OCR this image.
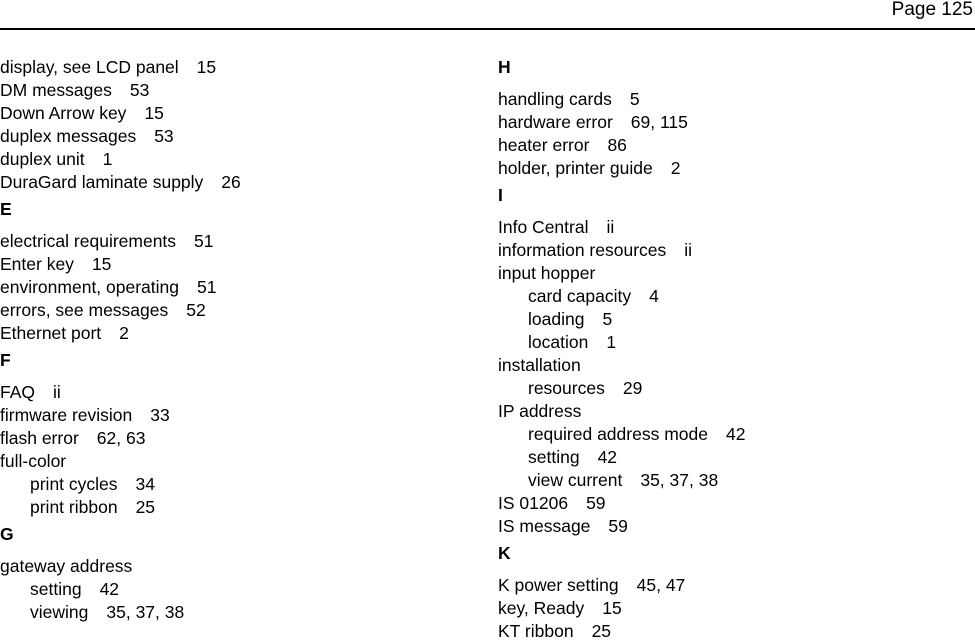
Page 125
display, see LCD panel 15
DM messages 53
Down Arrow key 15
duplex messages 53
duplex unit 1
DuraGard laminate supply 26
E
electrical requirements 51
Enter key 15
environment, operating 51
errors, see messages 52
Ethernet port 2
F
FAQ ii
firmware revision 33
flash error 62, 63
full-color
print cycles 34
print ribbon 25
G
gateway address
setting 42
viewing 35, 37, 38
H
handling cards 5
hardware error 69, 115
heater error 86
holder, printer guide 2
I
Info Central ii
information resources ii
input hopper
card capacity 4
loading 5
location 1
installation
resources 29
IP address
required address mode 42
setting 42
view current 35, 37, 38
IS 01206 59
IS message 59
K
K power setting 45, 47
key, Ready 15
KT ribbon 25
